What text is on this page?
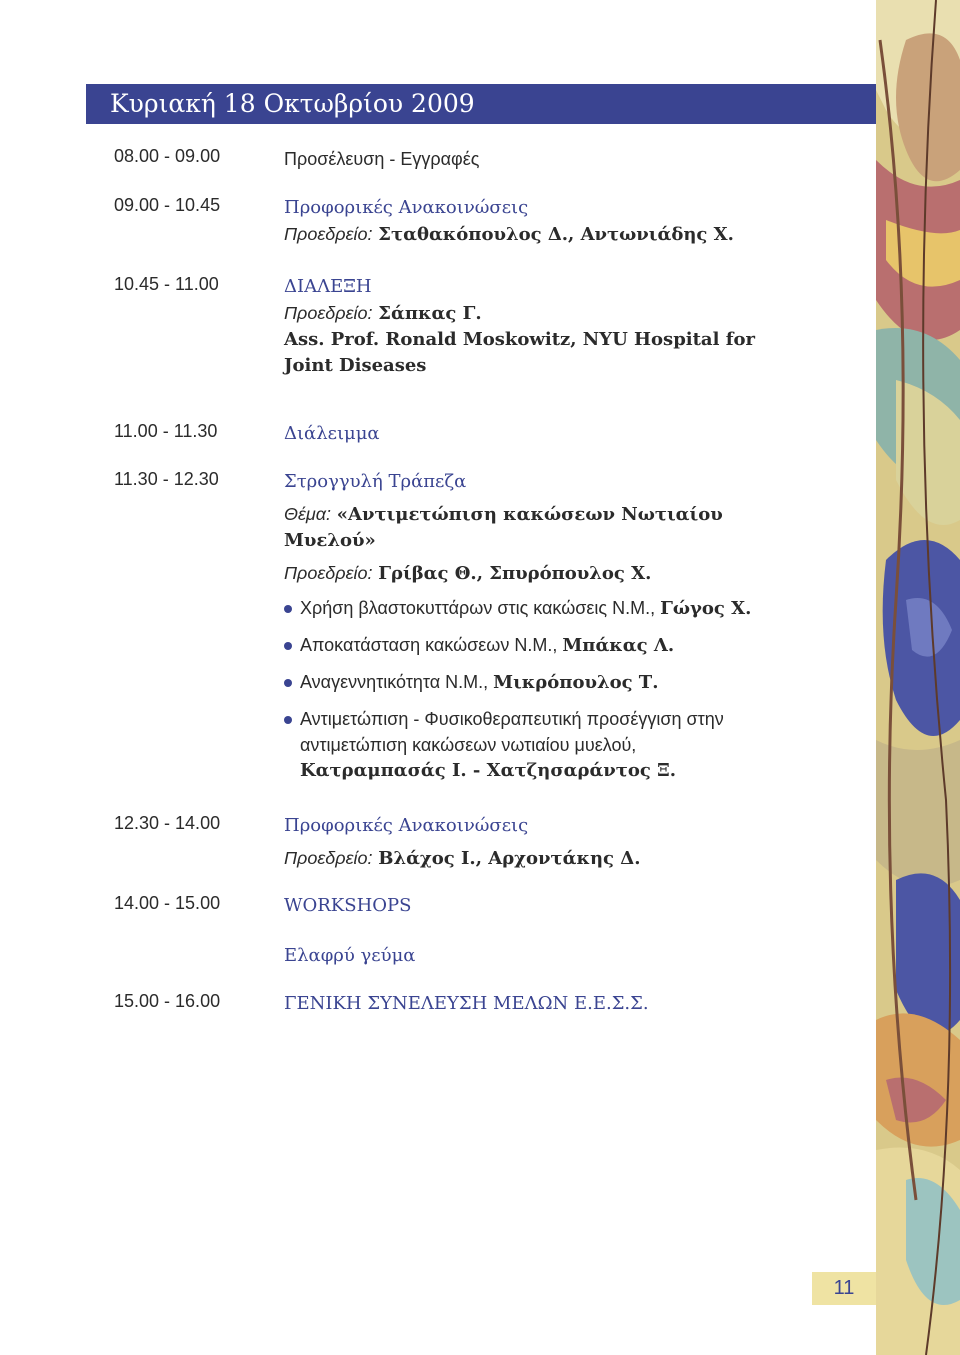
Κυριακή 18 Οκτωβρίου 2009
08.00 - 09.00	Προσέλευση - Εγγραφές
09.00 - 10.45	Προφορικές Ανακοινώσεις
Προεδρείο: Σταθακόπουλος Δ., Αντωνιάδης Χ.
10.45 - 11.00	ΔΙΑΛΕΞΗ
Προεδρείο: Σάπκας Γ.
Ass. Prof. Ronald Moskowitz, NYU Hospital for
Joint Diseases
11.00 - 11.30	Διάλειμμα
11.30 - 12.30	Στρογγυλή Τράπεζα
Θέμα: «Αντιμετώπιση κακώσεων Νωτιαίου
Μυελού»
Προεδρείο: Γρίβας Θ., Σπυρόπουλος Χ.
Χρήση βλαστοκυττάρων στις κακώσεις Ν.Μ., Γώγος Χ.
Αποκατάσταση κακώσεων Ν.Μ., Μπάκας Λ.
Αναγεννητικότητα Ν.Μ., Μικρόπουλος Τ.
Αντιμετώπιση - Φυσικοθεραπευτική προσέγγιση στην
αντιμετώπιση κακώσεων νωτιαίου μυελού,
Κατραμπασάς Ι. - Χατζησαράντος Ξ.
12.30 - 14.00	Προφορικές Ανακοινώσεις
Προεδρείο: Βλάχος Ι., Αρχοντάκης Δ.
14.00 - 15.00	WORKSHOPS
Ελαφρύ γεύμα
15.00 - 16.00	ΓΕΝΙΚΗ ΣΥΝΕΛΕΥΣΗ ΜΕΛΩΝ Ε.Ε.Σ.Σ.
11
